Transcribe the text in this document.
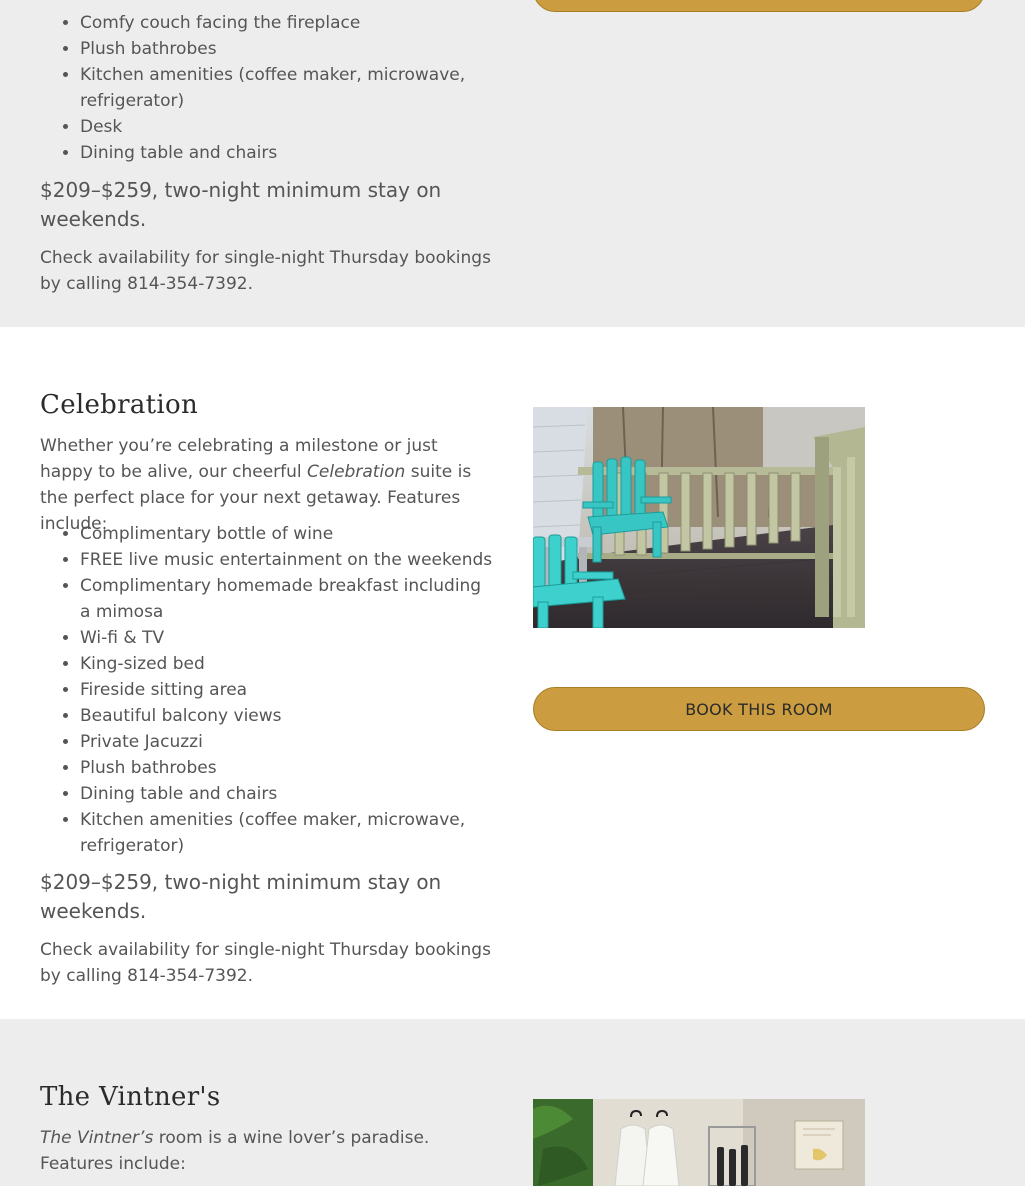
• Comfy couch facing the fireplace
• Plush bathrobes
• Kitchen amenities (coffee maker, microwave, refrigerator)
• Desk
• Dining table and chairs

$209–$259, two-night minimum stay on weekends.

Check availability for single-night Thursday bookings by calling 814-354-7392.

Celebration

Whether you’re celebrating a milestone or just happy to be alive, our cheerful Celebration suite is the perfect place for your next getaway. Features include:

• Complimentary bottle of wine
• FREE live music entertainment on the weekends
• Complimentary homemade breakfast including a mimosa
• Wi-fi & TV
• King-sized bed
• Fireside sitting area
• Beautiful balcony views
• Private Jacuzzi
• Plush bathrobes
• Dining table and chairs
• Kitchen amenities (coffee maker, microwave, refrigerator)

$209–$259, two-night minimum stay on weekends.

Check availability for single-night Thursday bookings by calling 814-354-7392.

BOOK THIS ROOM
The Vintner's

The Vintner’s room is a wine lover’s paradise. Features include:
